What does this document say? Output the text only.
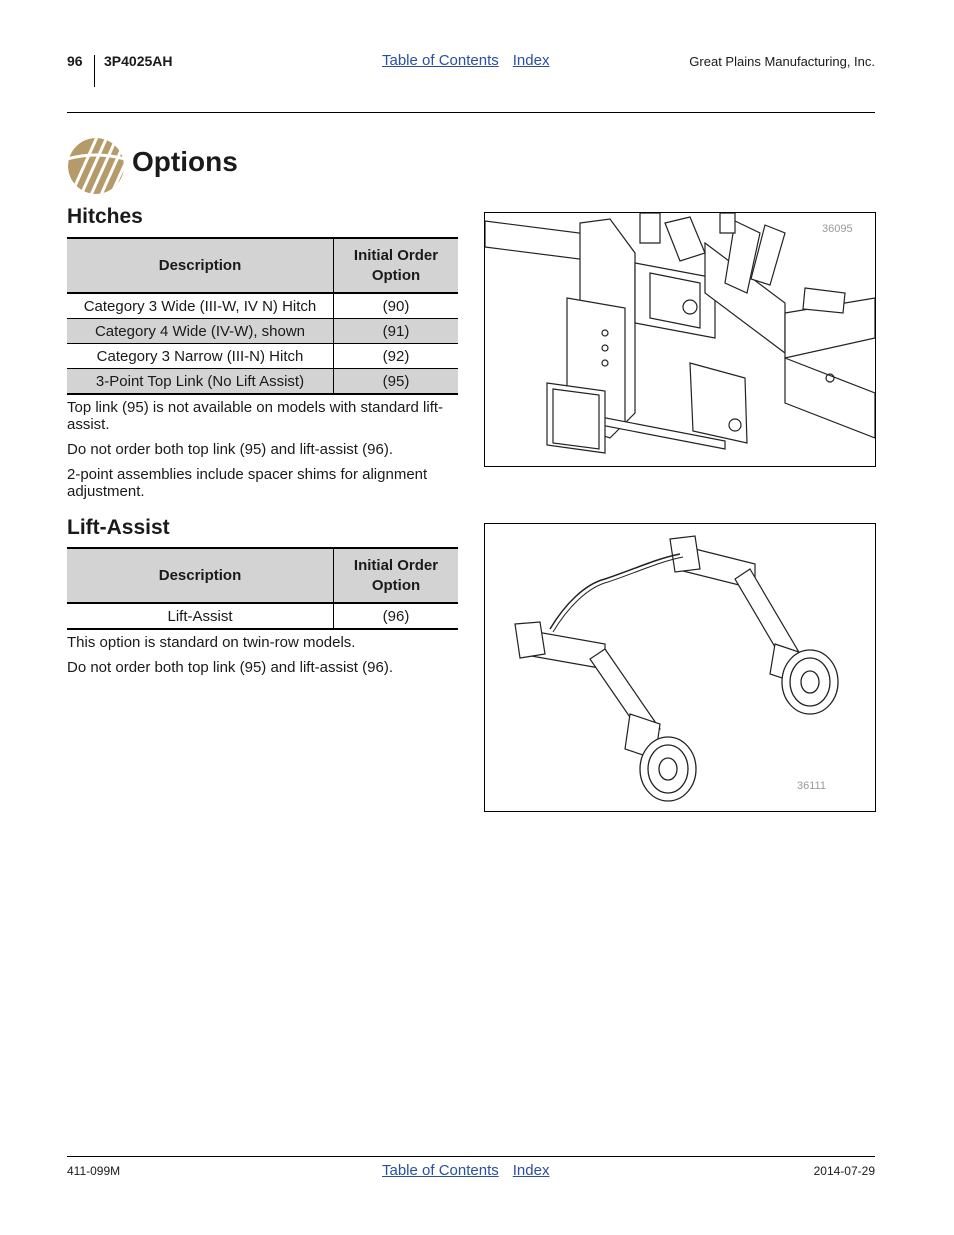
96 3P4025AH	Table of Contents Index	Great Plains Manufacturing, Inc.
Options
Hitches
Description	Initial Order Option
Category 3 Wide (III-W, IV N) Hitch	(90)
Category 4 Wide (IV-W), shown	(91)
Category 3 Narrow (III-N) Hitch	(92)
3-Point Top Link (No Lift Assist)	(95)
Top link (95) is not available on models with standard lift-assist.
Do not order both top link (95) and lift-assist (96).
2-point assemblies include spacer shims for alignment adjustment.
36095
Lift-Assist
Description	Initial Order Option
Lift-Assist	(96)
This option is standard on twin-row models.
Do not order both top link (95) and lift-assist (96).
36111
411-099M	Table of Contents Index	2014-07-29
